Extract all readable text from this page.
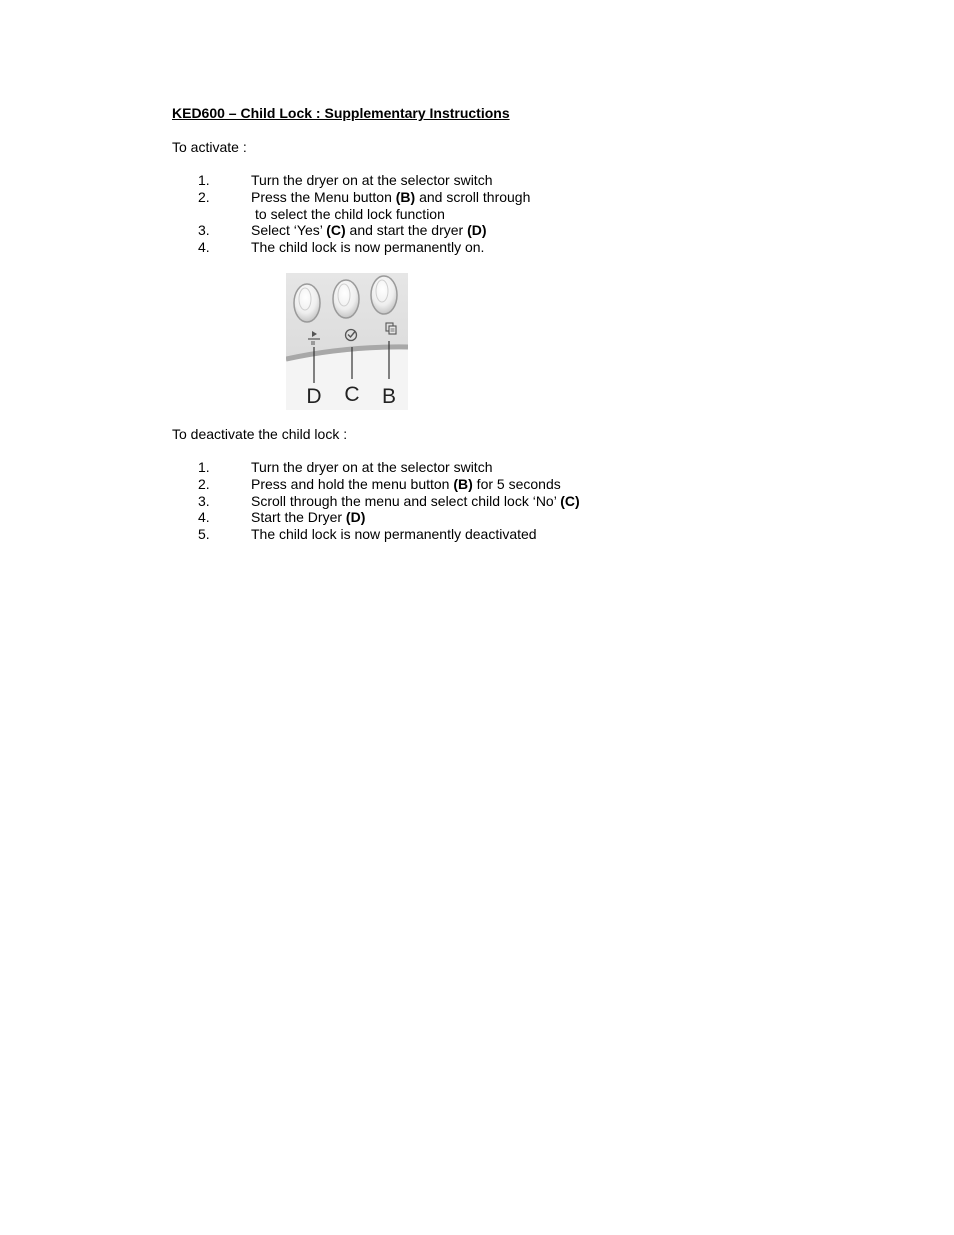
KED600 – Child Lock : Supplementary Instructions
To activate :
1.	Turn the dryer on at the selector switch
2.	Press the Menu button (B) and scroll through
to select the child lock function
3.	Select ‘Yes’ (C) and start the dryer (D)
4.	The child lock is now permanently on.
D C B
To deactivate the child lock :
1.	Turn the dryer on at the selector switch
2.	Press and hold the menu button (B) for 5 seconds
3.	Scroll through the menu and select child lock ‘No’ (C)
4.	Start the Dryer (D)
5.	The child lock is now permanently deactivated
